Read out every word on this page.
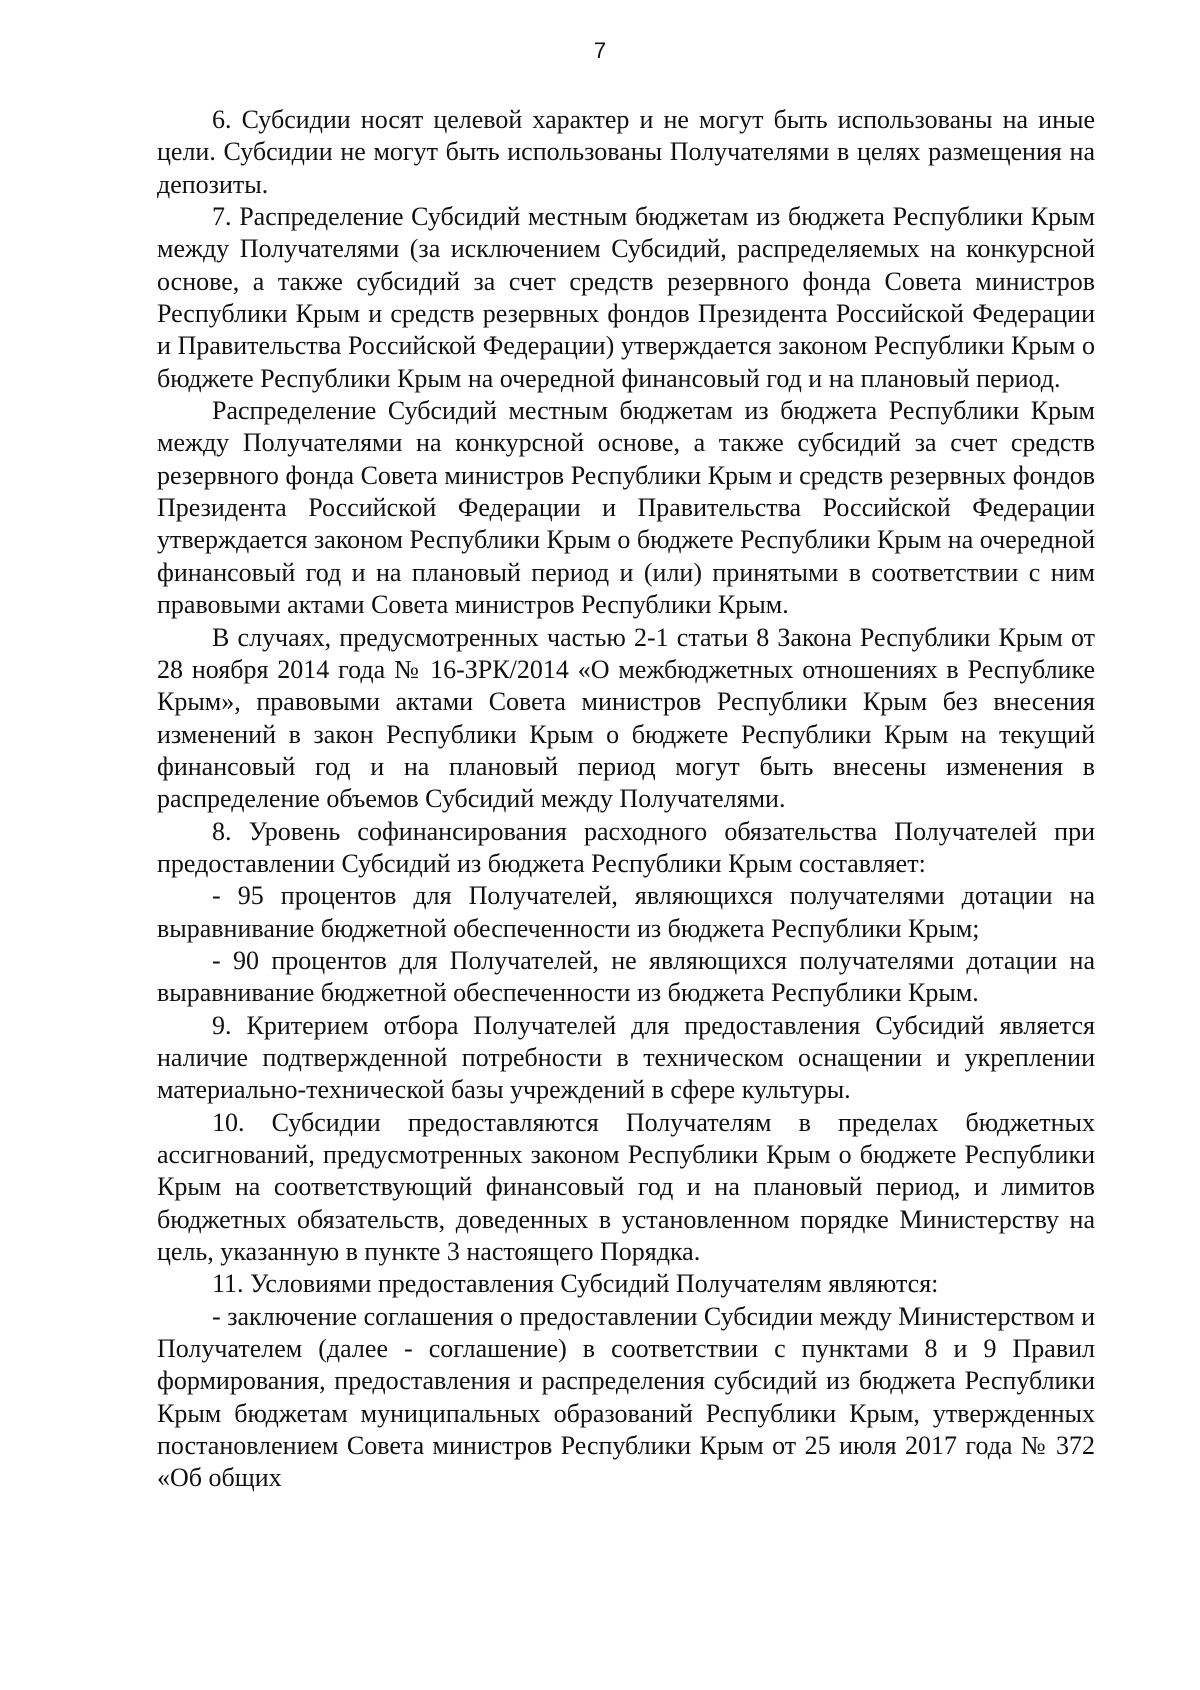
7

6. Субсидии носят целевой характер и не могут быть использованы на иные цели. Субсидии не могут быть использованы Получателями в целях размещения на депозиты.

7. Распределение Субсидий местным бюджетам из бюджета Республики Крым между Получателями (за исключением Субсидий, распределяемых на конкурсной основе, а также субсидий за счет средств резервного фонда Совета министров Республики Крым и средств резервных фондов Президента Российской Федерации и Правительства Российской Федерации) утверждается законом Республики Крым о бюджете Республики Крым на очередной финансовый год и на плановый период.

Распределение Субсидий местным бюджетам из бюджета Республики Крым между Получателями на конкурсной основе, а также субсидий за счет средств резервного фонда Совета министров Республики Крым и средств резервных фондов Президента Российской Федерации и Правительства Российской Федерации утверждается законом Республики Крым о бюджете Республики Крым на очередной финансовый год и на плановый период и (или) принятыми в соответствии с ним правовыми актами Совета министров Республики Крым.

В случаях, предусмотренных частью 2-1 статьи 8 Закона Республики Крым от 28 ноября 2014 года № 16-ЗРК/2014 «О межбюджетных отношениях в Республике Крым», правовыми актами Совета министров Республики Крым без внесения изменений в закон Республики Крым о бюджете Республики Крым на текущий финансовый год и на плановый период могут быть внесены изменения в распределение объемов Субсидий между Получателями.

8. Уровень софинансирования расходного обязательства Получателей при предоставлении Субсидий из бюджета Республики Крым составляет:

- 95 процентов для Получателей, являющихся получателями дотации на выравнивание бюджетной обеспеченности из бюджета Республики Крым;

- 90 процентов для Получателей, не являющихся получателями дотации на выравнивание бюджетной обеспеченности из бюджета Республики Крым.

9. Критерием отбора Получателей для предоставления Субсидий является наличие подтвержденной потребности в техническом оснащении и укреплении материально-технической базы учреждений в сфере культуры.

10. Субсидии предоставляются Получателям в пределах бюджетных ассигнований, предусмотренных законом Республики Крым о бюджете Республики Крым на соответствующий финансовый год и на плановый период, и лимитов бюджетных обязательств, доведенных в установленном порядке Министерству на цель, указанную в пункте 3 настоящего Порядка.

11. Условиями предоставления Субсидий Получателям являются:

- заключение соглашения о предоставлении Субсидии между Министерством и Получателем (далее - соглашение) в соответствии с пунктами 8 и 9 Правил формирования, предоставления и распределения субсидий из бюджета Республики Крым бюджетам муниципальных образований Республики Крым, утвержденных постановлением Совета министров Республики Крым от 25 июля 2017 года № 372 «Об общих
